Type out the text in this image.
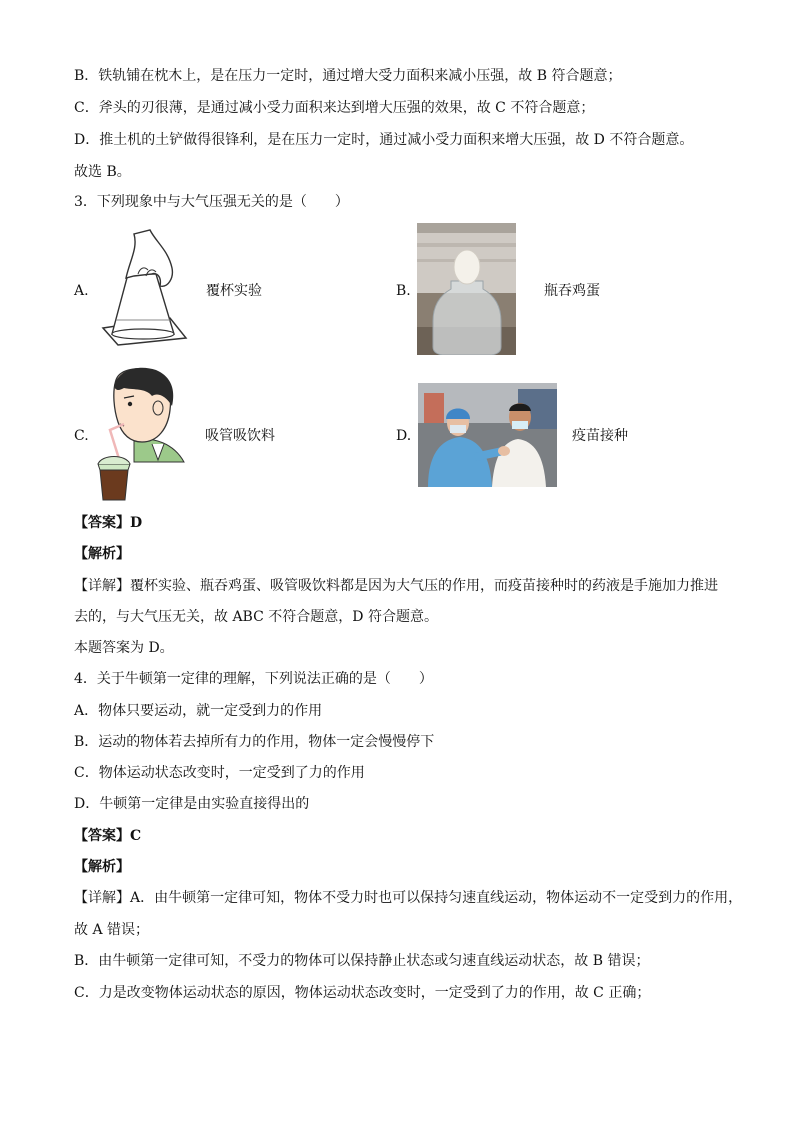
B．铁轨铺在枕木上，是在压力一定时，通过增大受力面积来减小压强，故 B 符合题意；
C．斧头的刃很薄，是通过减小受力面积来达到增大压强的效果，故 C 不符合题意；
D．推土机的土铲做得很锋利，是在压力一定时，通过减小受力面积来增大压强，故 D 不符合题意。
故选 B。
3．下列现象中与大气压强无关的是（　　）
A.	覆杯实验	B.	瓶吞鸡蛋
C.	吸管吸饮料	D.	疫苗接种
【答案】D
【解析】
【详解】覆杯实验、瓶吞鸡蛋、吸管吸饮料都是因为大气压的作用，而疫苗接种时的药液是手施加力推进
去的，与大气压无关，故 ABC 不符合题意，D 符合题意。
本题答案为 D。
4．关于牛顿第一定律的理解，下列说法正确的是（　　）
A．物体只要运动，就一定受到力的作用
B．运动的物体若去掉所有力的作用，物体一定会慢慢停下
C．物体运动状态改变时，一定受到了力的作用
D．牛顿第一定律是由实验直接得出的
【答案】C
【解析】
【详解】A．由牛顿第一定律可知，物体不受力时也可以保持匀速直线运动，物体运动不一定受到力的作用，
故 A 错误；
B．由牛顿第一定律可知，不受力的物体可以保持静止状态或匀速直线运动状态，故 B 错误；
C．力是改变物体运动状态的原因，物体运动状态改变时，一定受到了力的作用，故 C 正确；
